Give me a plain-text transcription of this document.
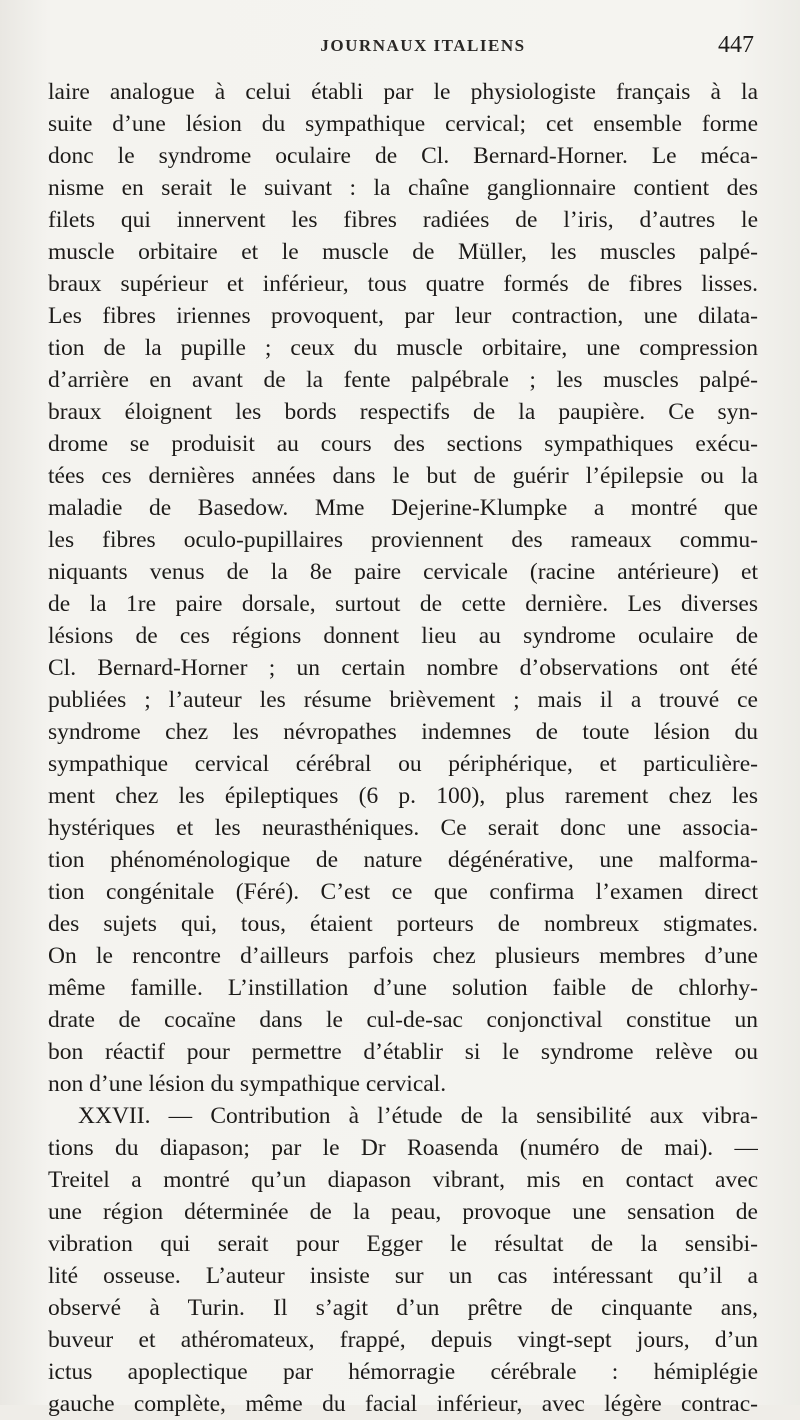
JOURNAUX ITALIENS	447
laire analogue à celui établi par le physiologiste français à la
suite d’une lésion du sympathique cervical; cet ensemble forme
donc le syndrome oculaire de Cl. Bernard-Horner. Le méca-
nisme en serait le suivant : la chaîne ganglionnaire contient des
filets qui innervent les fibres radiées de l’iris, d’autres le
muscle orbitaire et le muscle de Müller, les muscles palpé-
braux supérieur et inférieur, tous quatre formés de fibres lisses.
Les fibres iriennes provoquent, par leur contraction, une dilata-
tion de la pupille ; ceux du muscle orbitaire, une compression
d’arrière en avant de la fente palpébrale ; les muscles palpé-
braux éloignent les bords respectifs de la paupière. Ce syn-
drome se produisit au cours des sections sympathiques exécu-
tées ces dernières années dans le but de guérir l’épilepsie ou la
maladie de Basedow. Mme Dejerine-Klumpke a montré que
les fibres oculo-pupillaires proviennent des rameaux commu-
niquants venus de la 8e paire cervicale (racine antérieure) et
de la 1re paire dorsale, surtout de cette dernière. Les diverses
lésions de ces régions donnent lieu au syndrome oculaire de
Cl. Bernard-Horner ; un certain nombre d’observations ont été
publiées ; l’auteur les résume brièvement ; mais il a trouvé ce
syndrome chez les névropathes indemnes de toute lésion du
sympathique cervical cérébral ou périphérique, et particulière-
ment chez les épileptiques (6 p. 100), plus rarement chez les
hystériques et les neurasthéniques. Ce serait donc une associa-
tion phénoménologique de nature dégénérative, une malforma-
tion congénitale (Féré). C’est ce que confirma l’examen direct
des sujets qui, tous, étaient porteurs de nombreux stigmates.
On le rencontre d’ailleurs parfois chez plusieurs membres d’une
même famille. L’instillation d’une solution faible de chlorhy-
drate de cocaïne dans le cul-de-sac conjonctival constitue un
bon réactif pour permettre d’établir si le syndrome relève ou
non d’une lésion du sympathique cervical.
XXVII. — Contribution à l’étude de la sensibilité aux vibra-
tions du diapason; par le Dr Roasenda (numéro de mai). —
Treitel a montré qu’un diapason vibrant, mis en contact avec
une région déterminée de la peau, provoque une sensation de
vibration qui serait pour Egger le résultat de la sensibi-
lité osseuse. L’auteur insiste sur un cas intéressant qu’il a
observé à Turin. Il s’agit d’un prêtre de cinquante ans,
buveur et athéromateux, frappé, depuis vingt-sept jours, d’un
ictus apoplectique par hémorragie cérébrale : hémiplégie
gauche complète, même du facial inférieur, avec légère contrac-
